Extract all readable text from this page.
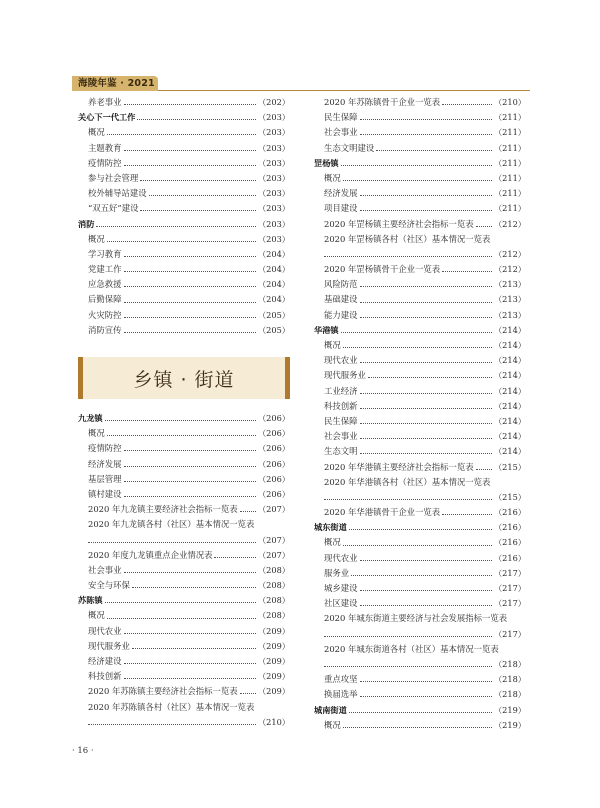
海陵年鉴 · 2021
养老事业	（202）
关心下一代工作	（203）
概况	（203）
主题教育	（203）
疫情防控	（203）
参与社会管理	（203）
校外辅导站建设	（203）
“双五好”建设	（203）
消防	（203）
概况	（203）
学习教育	（204）
党建工作	（204）
应急救援	（204）
后勤保障	（204）
火灾防控	（205）
消防宣传	（205）
乡镇 · 街道
九龙镇	（206）
概况	（206）
疫情防控	（206）
经济发展	（206）
基层管理	（206）
镇村建设	（206）
2020 年九龙镇主要经济社会指标一览表 （207）
2020 年九龙镇各村（社区）基本情况一览表
（207）
2020 年度九龙镇重点企业情况表	（207）
社会事业	（208）
安全与环保	（208）
苏陈镇	（208）
概况	（208）
现代农业	（209）
现代服务业	（209）
经济建设	（209）
科技创新	（209）
2020 年苏陈镇主要经济社会指标一览表 （209）
2020 年苏陈镇各村（社区）基本情况一览表
（210）
2020 年苏陈镇骨干企业一览表	（210）
民生保障	（211）
社会事业	（211）
生态文明建设	（211）
罡杨镇	（211）
概况	（211）
经济发展	（211）
项目建设	（211）
2020 年罡杨镇主要经济社会指标一览表 （212）
2020 年罡杨镇各村（社区）基本情况一览表
（212）
2020 年罡杨镇骨干企业一览表	（212）
风险防范	（213）
基础建设	（213）
能力建设	（213）
华港镇	（214）
概况	（214）
现代农业	（214）
现代服务业	（214）
工业经济	（214）
科技创新	（214）
民生保障	（214）
社会事业	（214）
生态文明	（214）
2020 年华港镇主要经济社会指标一览表 （215）
2020 年华港镇各村（社区）基本情况一览表
（215）
2020 年华港镇骨干企业一览表	（216）
城东街道	（216）
概况	（216）
现代农业	（216）
服务业	（217）
城乡建设	（217）
社区建设	（217）
2020 年城东街道主要经济与社会发展指标一览表
（217）
2020 年城东街道各村（社区）基本情况一览表
（218）
重点攻坚	（218）
换届选举	（218）
城南街道	（219）
概况	（219）
· 16 ·
